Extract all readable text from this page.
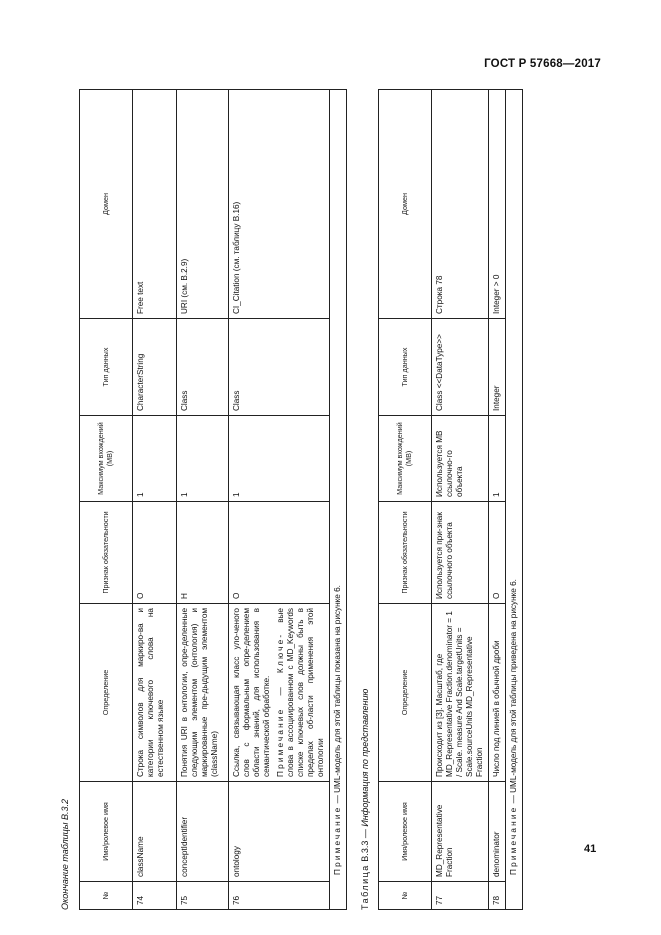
ГОСТ Р 57668—2017
Окончание таблицы В.3.2	№	Имя/ролевое имя	Определение	Признак обязательности	Максимум вхождений (МВ)	Тип данных	Домен
74	className	Строка символов для маркиро-ва и категории ключевого слова на естественном языке	О	1	CharacterString	Free text
75	conceptIdentifier	Понятия URI в онтологии, опре-деленные следующим элементом (онтология) и маркированные пре-дыдущим элементом (className)	Н	1	Class	URI (см. В.2.9)
76	ontology	Ссылка, связывающая класс уло-ченого слов с формальным опре-делением области знаний, для использования в семантической обработке. Примечание — Ключе- вые слова в ассоциированном с MD_Keywords списке ключевых слов должны быть в пределах об-ласти применения этой онтологии	О	1	Class	CI_Citation (см. таблицу В.16)
Примечание — UML-модель для этой таблицы показана на рисунке 6.						
Таблица В.3.3 — Информация по представлению
№	Имя/ролевое имя	Определение	Признак обязательности	Максимум вхождений (МВ)	Тип данных	Домен
77	MD_Representative Fraction	Происходит из [3]. Масштаб, где MD_Representative Fraction.denominator = 1 / Scale. measure And Scale.targetUnits = Scale.sourceUnits MD_Representative Fraction	Используется при-знак ссылочного объекта	Используется МВ ссылочно-го объекта	Class <<DataType>>	Строка 78
78	denominator	Число под линией в обычной дроби	О	1	Integer	Integer > 0
Примечание — UML-модель для этой таблицы приведена на рисунке 6.						
41
